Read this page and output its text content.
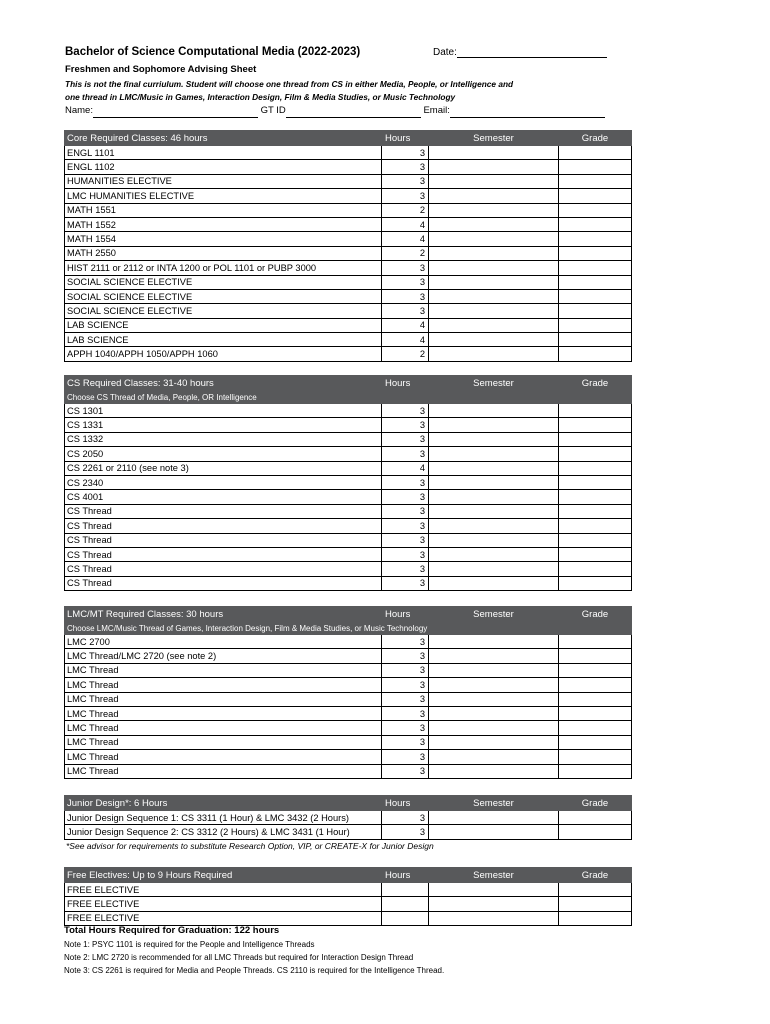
Bachelor of Science Computational Media (2022-2023)	Date:
Freshmen and Sophomore Advising Sheet
This is not the final curriulum. Student will choose one thread from CS in either Media, People, or Intelligence and
one thread in LMC/Music in Games, Interaction Design, Film & Media Studies, or Music Technology
Name:	GT ID	Email:
Core Required Classes: 46 hours	Hours	Semester	Grade
ENGL 1101	3		
ENGL 1102	3		
HUMANITIES ELECTIVE	3		
LMC HUMANITIES ELECTIVE	3		
MATH 1551	2		
MATH 1552	4		
MATH 1554	4		
MATH 2550	2		
HIST 2111 or 2112 or INTA 1200 or POL 1101 or PUBP 3000	3		
SOCIAL SCIENCE ELECTIVE	3		
SOCIAL SCIENCE ELECTIVE	3		
SOCIAL SCIENCE ELECTIVE	3		
LAB SCIENCE	4		
LAB SCIENCE	4		
APPH 1040/APPH 1050/APPH 1060	2		
CS Required Classes: 31-40 hours	Hours	Semester	Grade
Choose CS Thread of Media, People, OR Intelligence			
CS 1301	3		
CS 1331	3		
CS 1332	3		
CS 2050	3		
CS 2261 or 2110 (see note 3)	4		
CS 2340	3		
CS 4001	3		
CS Thread	3		
CS Thread	3		
CS Thread	3		
CS Thread	3		
CS Thread	3		
CS Thread	3		
LMC/MT Required Classes: 30 hours	Hours	Semester	Grade
Choose LMC/Music Thread of Games, Interaction Design, Film & Media Studies, or Music Technology			
LMC 2700	3		
LMC Thread/LMC 2720 (see note 2)	3		
LMC Thread	3		
LMC Thread	3		
LMC Thread	3		
LMC Thread	3		
LMC Thread	3		
LMC Thread	3		
LMC Thread	3		
LMC Thread	3		
Junior Design*: 6 Hours	Hours	Semester	Grade
Junior Design Sequence 1: CS 3311 (1 Hour) & LMC 3432 (2 Hours)	3		
Junior Design Sequence 2: CS 3312 (2 Hours) & LMC 3431 (1 Hour)	3		
*See advisor for requirements to substitute Research Option, VIP, or CREATE-X for Junior Design
Free Electives: Up to 9 Hours Required	Hours	Semester	Grade
FREE ELECTIVE			
FREE ELECTIVE			
FREE ELECTIVE			
Total Hours Required for Graduation: 122 hours
Note 1: PSYC 1101 is required for the People and Intelligence Threads
Note 2: LMC 2720 is recommended for all LMC Threads but required for Interaction Design Thread
Note 3: CS 2261 is required for Media and People Threads. CS 2110 is required for the Intelligence Thread.
